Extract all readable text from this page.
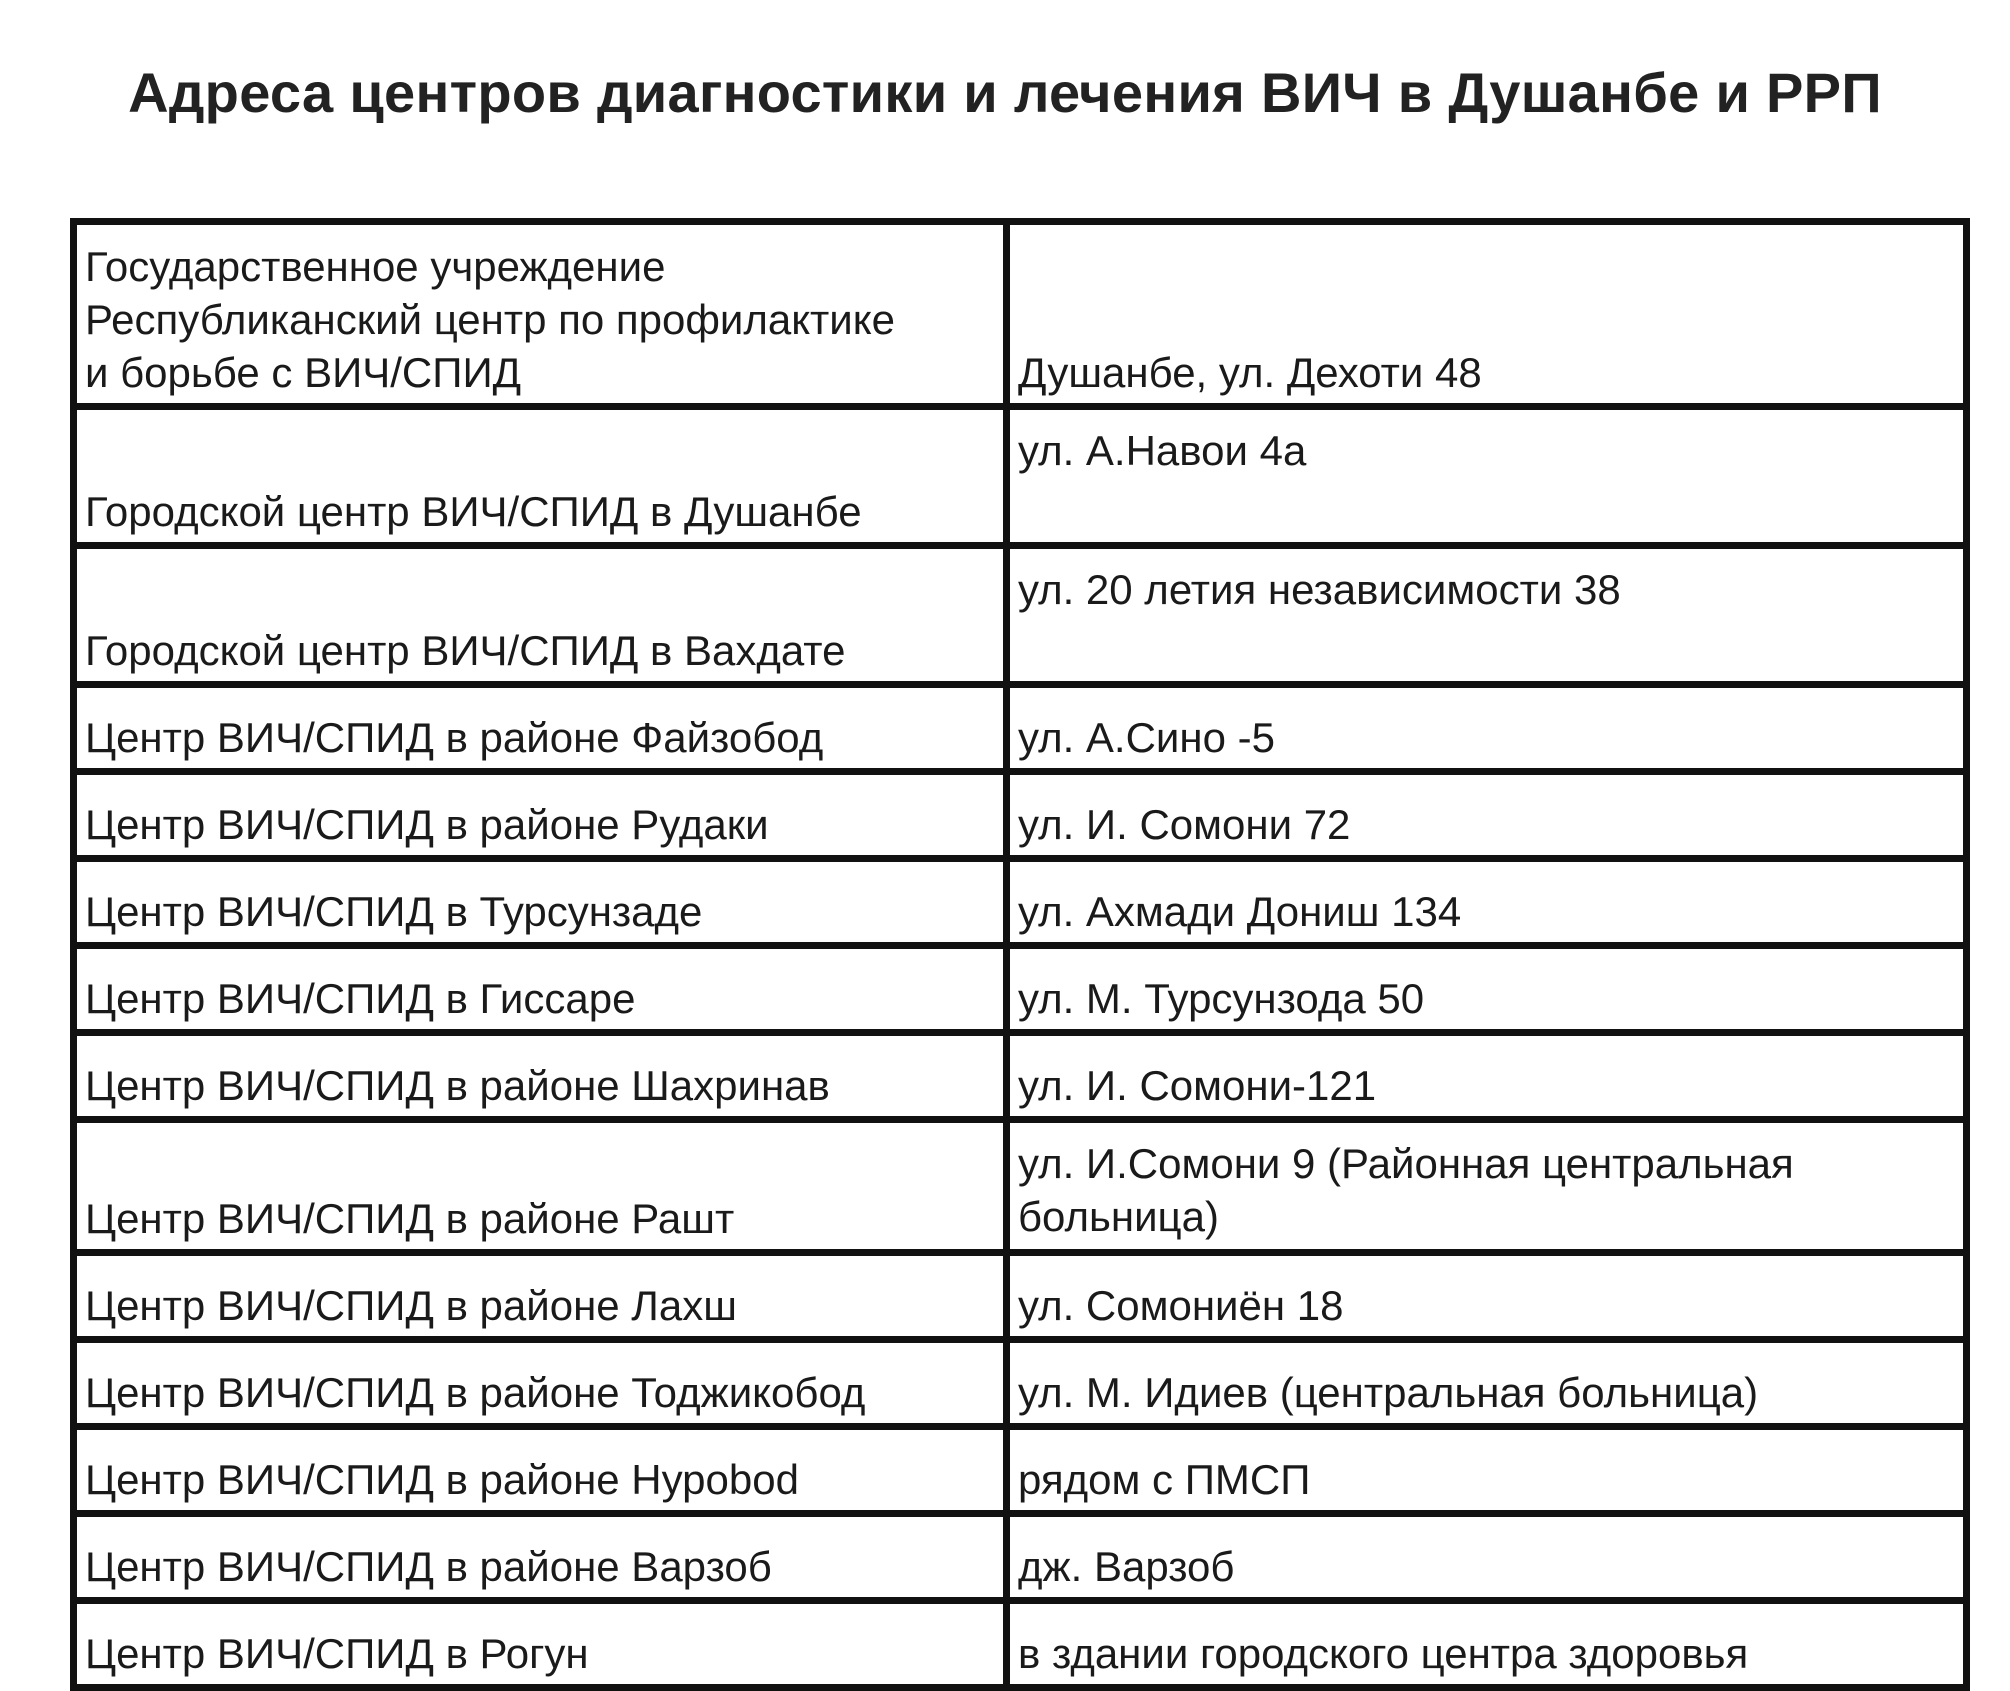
Адреса центров диагностики и лечения ВИЧ в Душанбе и РРП
Государственное учреждение
Республиканский центр по профилактике
и борьбе с ВИЧ/СПИД	Душанбе, ул. Дехоти 48

Городской центр ВИЧ/СПИД в Душанбе	ул. А.Навои 4а

Городской центр ВИЧ/СПИД в Вахдате	ул. 20 летия независимости 38

Центр ВИЧ/СПИД в районе Файзобод	ул. А.Сино -5

Центр ВИЧ/СПИД в районе Рудаки	ул. И. Сомони 72

Центр ВИЧ/СПИД в Турсунзаде	ул. Ахмади Дониш 134

Центр ВИЧ/СПИД в Гиссаре	ул. М. Турсунзода 50

Центр ВИЧ/СПИД в районе Шахринав	ул. И. Сомони-121

Центр ВИЧ/СПИД в районе Рашт	ул. И.Сомони 9 (Районная центральная
больница)

Центр ВИЧ/СПИД в районе Лахш	ул. Сомониён 18

Центр ВИЧ/СПИД в районе Тоджикобод	ул. М. Идиев (центральная больница)

Центр ВИЧ/СПИД в районе Нурobod	рядом с ПМСП

Центр ВИЧ/СПИД в районе Варзоб	дж. Варзоб

Центр ВИЧ/СПИД в Рогун	в здании городского центра здоровья
